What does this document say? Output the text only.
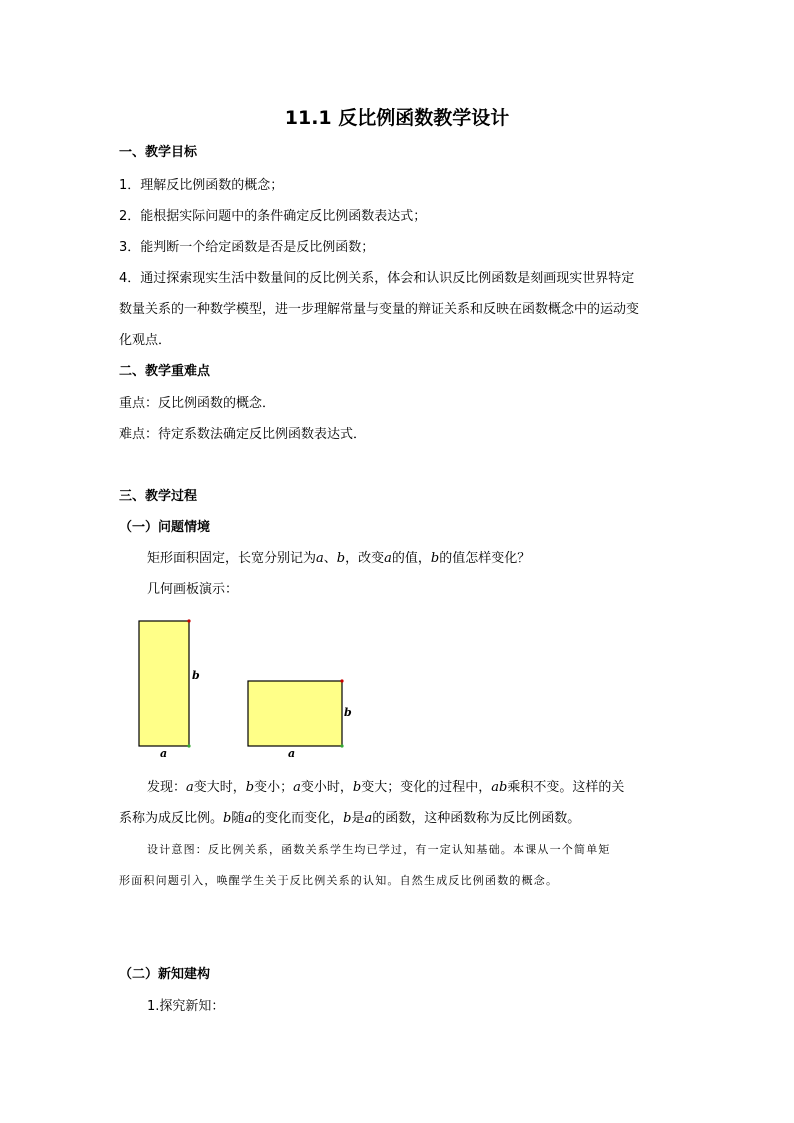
11.1 反比例函数教学设计
一、教学目标
1．理解反比例函数的概念；
2．能根据实际问题中的条件确定反比例函数表达式；
3．能判断一个给定函数是否是反比例函数；
4．通过探索现实生活中数量间的反比例关系，体会和认识反比例函数是刻画现实世界特定
数量关系的一种数学模型，进一步理解常量与变量的辩证关系和反映在函数概念中的运动变
化观点．
二、教学重难点
重点：反比例函数的概念．
难点：待定系数法确定反比例函数表达式．
三、教学过程
（一）问题情境
矩形面积固定，长宽分别记为a、b，改变a的值，b的值怎样变化？
几何画板演示：
b
a
b
a
发现：a变大时，b变小；a变小时，b变大；变化的过程中，ab乘积不变。这样的关
系称为成反比例。b随a的变化而变化，b是a的函数，这种函数称为反比例函数。
设计意图：反比例关系，函数关系学生均已学过，有一定认知基础。本课从一个简单矩
形面积问题引入，唤醒学生关于反比例关系的认知。自然生成反比例函数的概念。
（二）新知建构
1.探究新知：
